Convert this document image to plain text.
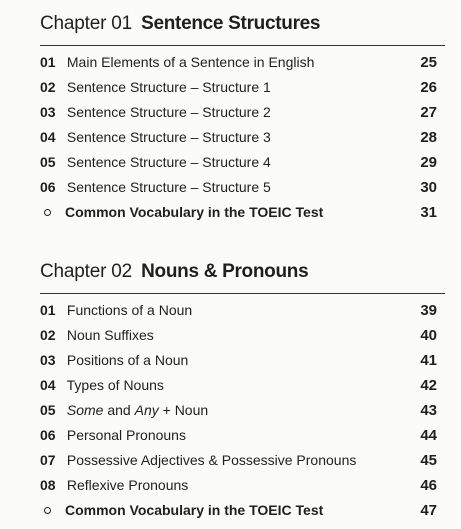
Chapter 01 Sentence Structures
01 Main Elements of a Sentence in English	25
02 Sentence Structure – Structure 1	26
03 Sentence Structure – Structure 2	27
04 Sentence Structure – Structure 3	28
05 Sentence Structure – Structure 4	29
06 Sentence Structure – Structure 5	30
Common Vocabulary in the TOEIC Test	31
Chapter 02 Nouns & Pronouns
01 Functions of a Noun	39
02 Noun Suffixes	40
03 Positions of a Noun	41
04 Types of Nouns	42
05 Some and Any + Noun	43
06 Personal Pronouns	44
07 Possessive Adjectives & Possessive Pronouns	45
08 Reflexive Pronouns	46
Common Vocabulary in the TOEIC Test	47
